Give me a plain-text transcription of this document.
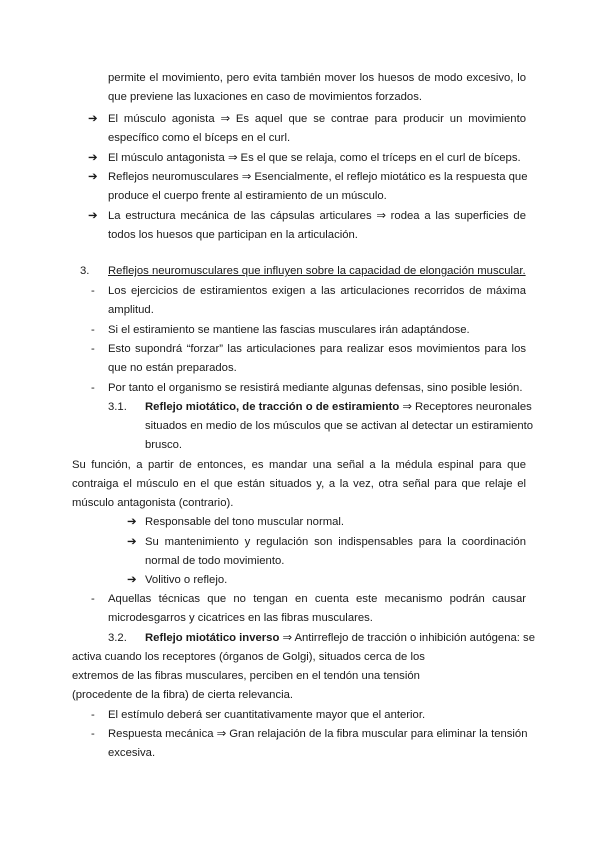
permite el movimiento, pero evita también mover los huesos de modo excesivo, lo
que previene las luxaciones en caso de movimientos forzados.
➔ El músculo agonista ⇒ Es aquel que se contrae para producir un movimiento
específico como el bíceps en el curl.
➔ El músculo antagonista ⇒ Es el que se relaja, como el tríceps en el curl de bíceps.
➔ Reflejos neuromusculares ⇒ Esencialmente, el reflejo miotático es la respuesta que
produce el cuerpo frente al estiramiento de un músculo.
➔ La estructura mecánica de las cápsulas articulares ⇒ rodea a las superficies de
todos los huesos que participan en la articulación.
3. Reflejos neuromusculares que influyen sobre la capacidad de elongación muscular.
- Los ejercicios de estiramientos exigen a las articulaciones recorridos de máxima
amplitud.
- Si el estiramiento se mantiene las fascias musculares irán adaptándose.
- Esto supondrá “forzar” las articulaciones para realizar esos movimientos para los
que no están preparados.
- Por tanto el organismo se resistirá mediante algunas defensas, sino posible lesión.
3.1. Reflejo miotático, de tracción o de estiramiento ⇒ Receptores neuronales
situados en medio de los músculos que se activan al detectar un estiramiento
brusco.
Su función, a partir de entonces, es mandar una señal a la médula espinal para que
contraiga el músculo en el que están situados y, a la vez, otra señal para que relaje el
músculo antagonista (contrario).
➔ Responsable del tono muscular normal.
➔ Su mantenimiento y regulación son indispensables para la coordinación
normal de todo movimiento.
➔ Volitivo o reflejo.
- Aquellas técnicas que no tengan en cuenta este mecanismo podrán causar
microdesgarros y cicatrices en las fibras musculares.
3.2. Reflejo miotático inverso ⇒ Antirreflejo de tracción o inhibición autógena: se
activa cuando los receptores (órganos de Golgi), situados cerca de los
extremos de las fibras musculares, perciben en el tendón una tensión
(procedente de la fibra) de cierta relevancia.
- El estímulo deberá ser cuantitativamente mayor que el anterior.
- Respuesta mecánica ⇒ Gran relajación de la fibra muscular para eliminar la tensión
excesiva.
